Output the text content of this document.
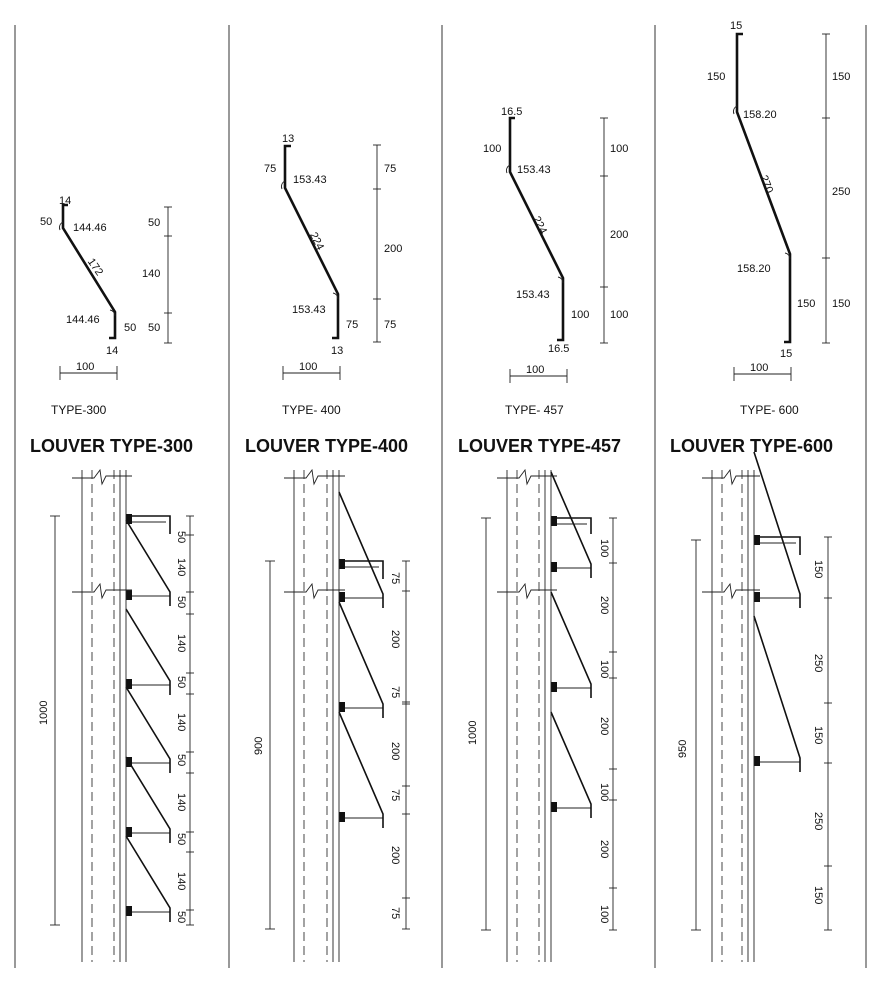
14
50 144.46
172
144.46
50
14
100
50
140
50
TYPE-300
LOUVER TYPE-300
13
75
153.43
224
153.43
75
13
100
75
200
75
TYPE- 400
LOUVER TYPE-400
16.5
100
153.43
224
153.43
100
16.5
100
100
200
100
TYPE- 457
LOUVER TYPE-457
15
150
158.20
270
158.20
150
15
100
150
250
150
TYPE- 600
LOUVER TYPE-600
1000
50
140
50
140
50
140
50
140
50
140
50
900
75
200
75
200
75
200
75
1000
100
200
100
200
100
200
100
950
150
250
150
250
150
